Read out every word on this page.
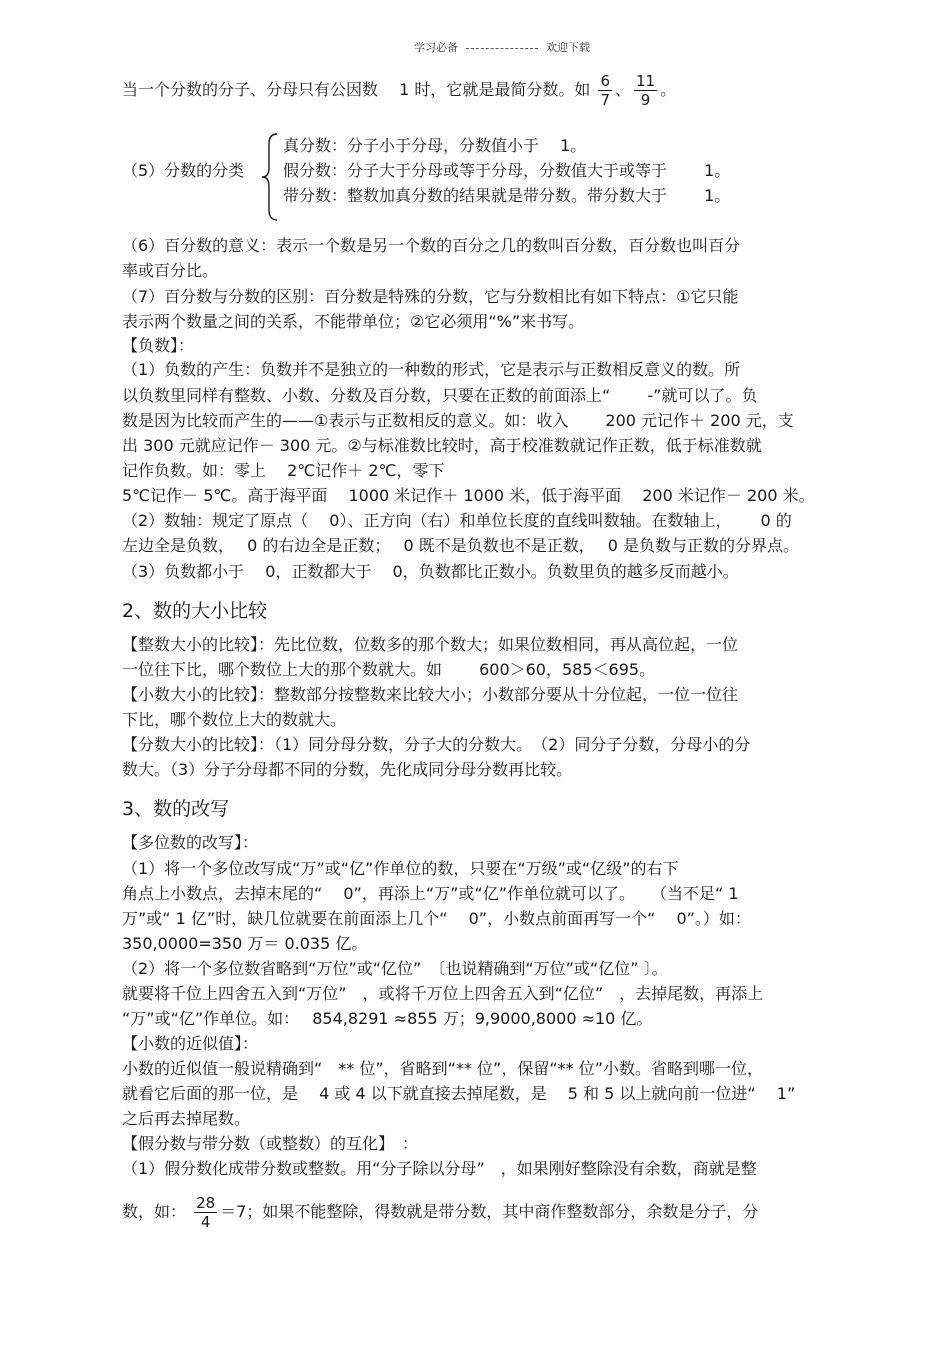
学习必备	欢迎下载
当一个分数的分子、分母只有公因数　 1 时，它就是最简分数。如 $\frac{6}{7}$ 、 $\frac{11}{9}$ 。
（5）分数的分类
真分数：分子小于分母，分数值小于　 1。
假分数：分子大于分母或等于分母，分数值大于或等于　　 1。
带分数：整数加真分数的结果就是带分数。带分数大于　　 1。
（6）百分数的意义：表示一个数是另一个数的百分之几的数叫百分数，百分数也叫百分
率或百分比。
（7）百分数与分数的区别：百分数是特殊的分数，它与分数相比有如下特点：①它只能
表示两个数量之间的关系，不能带单位；②它必须用“%”来书写。
【负数】：
（1）负数的产生：负数并不是独立的一种数的形式，它是表示与正数相反意义的数。所
以负数里同样有整数、小数、分数及百分数，只要在正数的前面添上“　　 -”就可以了。负
数是因为比较而产生的——①表示与正数相反的意义。如：收入　　 200 元记作＋ 200 元，支
出 300 元就应记作－ 300 元。②与标准数比较时，高于校准数就记作正数，低于标准数就
记作负数。如：零上　 2℃记作＋ 2℃，零下
5℃记作－ 5℃。高于海平面　 1000 米记作＋ 1000 米，低于海平面　 200 米记作－ 200 米。
（2）数轴：规定了原点（　 0）、正方向（右）和单位长度的直线叫数轴。在数轴上，　　 0 的
左边全是负数，　 0 的右边全是正数；　 0 既不是负数也不是正数，　 0 是负数与正数的分界点。
（3）负数都小于　 0，正数都大于　 0，负数都比正数小。负数里负的越多反而越小。
2、数的大小比较
【整数大小的比较】：先比位数，位数多的那个数大；如果位数相同，再从高位起，一位
一位往下比，哪个数位上大的那个数就大。如　　 600＞60，585＜695。
【小数大小的比较】：整数部分按整数来比较大小；小数部分要从十分位起，一位一位往
下比，哪个数位上大的数就大。
【分数大小的比较】：（1）同分母分数，分子大的分数大。　（2）同分子分数，分母小的分
数大。（3）分子分母都不同的分数，先化成同分母分数再比较。
3、数的改写
【多位数的改写】：
（1）将一个多位改写成“万”或“亿”作单位的数，只要在“万级”或“亿级”的右下
角点上小数点，去掉末尾的“　 0”，再添上“万”或“亿”作单位就可以了。　　（当不足“ 1
万”或“ 1 亿”时，缺几位就要在前面添上几个“　 0”，小数点前面再写一个“　 0”。）如：
350,0000=350 万＝ 0.035 亿。
（2）将一个多位数省略到“万位”或“亿位”　〔也说精确到“万位”或“亿位” 〕。
就要将千位上四舍五入到“万位”　，或将千万位上四舍五入到“亿位”　，去掉尾数，再添上
“万”或“亿”作单位。如：　 854,8291 ≈855 万；9,9000,8000 ≈10 亿。
【小数的近似值】：
小数的近似值一般说精确到“　** 位”，省略到“** 位”，保留“** 位”小数。省略到哪一位，
就看它后面的那一位，是　 4 或 4 以下就直接去掉尾数，是　 5 和 5 以上就向前一位进“　 1”
之后再去掉尾数。
【假分数与带分数（或整数）的互化】　：
（1）假分数化成带分数或整数。用“分子除以分母”　，如果刚好整除没有余数，商就是整
数，如： $\frac{28}{4} =7$；如果不能整除，得数就是带分数，其中商作整数部分，余数是分子，分
